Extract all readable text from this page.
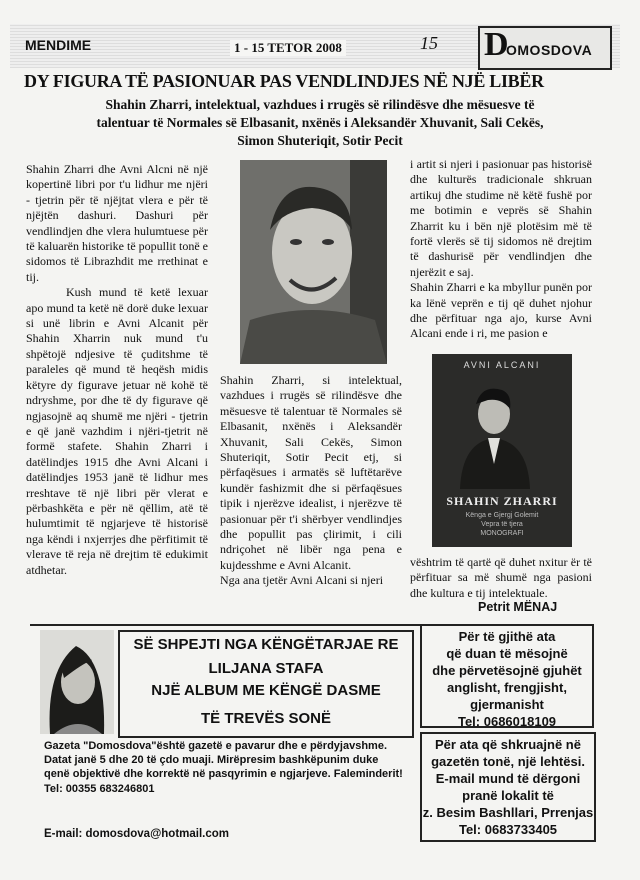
MENDIME	1 - 15 TETOR 2008	15 D
OMOSDOVA
DY FIGURA TË PASIONUAR PAS VENDLINDJES NË NJË LIBËR
Shahin Zharri, intelektual, vazhdues i rrugës së rilindësve dhe mësuesve të
talentuar të Normales së Elbasanit, nxënës i Aleksandër Xhuvanit, Sali Cekës,
Simon Shuteriqit, Sotir Pecit

Shahin Zharri dhe Avni Alcni në një kopertinë libri por t'u lidhur me njëri - tjetrin për të njëjtat vlera e për të njëjtën dashuri. Dashuri për vendlindjen dhe vlera hulumtuese për të kaluarën historike të popullit tonë e sidomos të Librazhdit me rrethinat e tij.

Kush mund të ketë lexuar apo mund ta ketë në dorë duke lexuar si unë librin e Avni Alcanit për Shahin Xharrin nuk mund t'u shpëtojë ndjesive të çuditshme të paraleles që mund të heqësh midis këtyre dy figurave jetuar në kohë të ndryshme, por dhe të dy figurave që ngjasojnë aq shumë me njëri - tjetrin e që janë vazhdim i njëri-tjetrit në formë stafete. Shahin Zharri i datëlindjes 1915 dhe Avni Alcani i datëlindjes 1953 janë të lidhur mes rreshtave të një libri për vlerat e përbashkëta e për në qëllim, atë të hulumtimit të ngjarjeve të historisë nga këndi i nxjerrjes dhe përfitimit të vlerave të reja në drejtim të edukimit atdhetar.

Shahin Zharri, si intelektual, vazhdues i rrugës së rilindësve dhe mësuesve të talentuar të Normales së Elbasanit, nxënës i Aleksandër Xhuvanit, Sali Cekës, Simon Shuteriqit, Sotir Pecit etj, si përfaqësues i armatës së luftëtarëve kundër fashizmit dhe si përfaqësues tipik i njerëzve idealist, i njerëzve të pasionuar për t'i shërbyer vendlindjes dhe popullit pas çlirimit, i cili ndriçohet në libër nga pena e kujdesshme e Avni Alcanit.

Nga ana tjetër Avni Alcani si njeri

i artit si njeri i pasionuar pas historisë dhe kulturës tradicionale shkruan artikuj dhe studime në këtë fushë por me botimin e veprës së Shahin Zharrit ku i bën një plotësim më të fortë vlerës së tij sidomos në drejtim të dashurisë për vendlindjen dhe njerëzit e saj.

Shahin Zharri e ka mbyllur punën por ka lënë veprën e tij që duhet njohur dhe përfituar nga ajo, kurse Avni Alcani ende i ri, me pasion e

AVNI ALCANI
SHAHIN ZHARRI
Kënga e Gjergj Golemit
Vepra të tjera
MONOGRAFI

vështrim të qartë që duhet nxitur ër të përfituar sa më shumë nga pasioni dhe kultura e tij intelektuale.

Petrit MËNAJ
SË SHPEJTI NGA KËNGËTARJAE RE
LILJANA STAFA
NJË ALBUM ME KËNGË DASME
TË TREVËS SONË
Gazeta "Domosdova"është gazetë e pavarur dhe e përdyjavshme. Datat janë 5 dhe 20 të çdo muaji. Mirëpresim bashkëpunim duke qenë objektivë dhe korrektë në pasqyrimin e ngjarjeve. Faleminderit!
Tel: 00355 683246801
E-mail: domosdova@hotmail.com
Për të gjithë ata
që duan të mësojnë
dhe përvetësojnë gjuhët
anglisht, frengjisht,
gjermanisht
Tel: 0686018109
Për ata që shkruajnë në
gazetën tonë, një lehtësi.
E-mail mund të dërgoni
pranë lokalit të
z. Besim Bashllari, Prrenjas
Tel: 0683733405
